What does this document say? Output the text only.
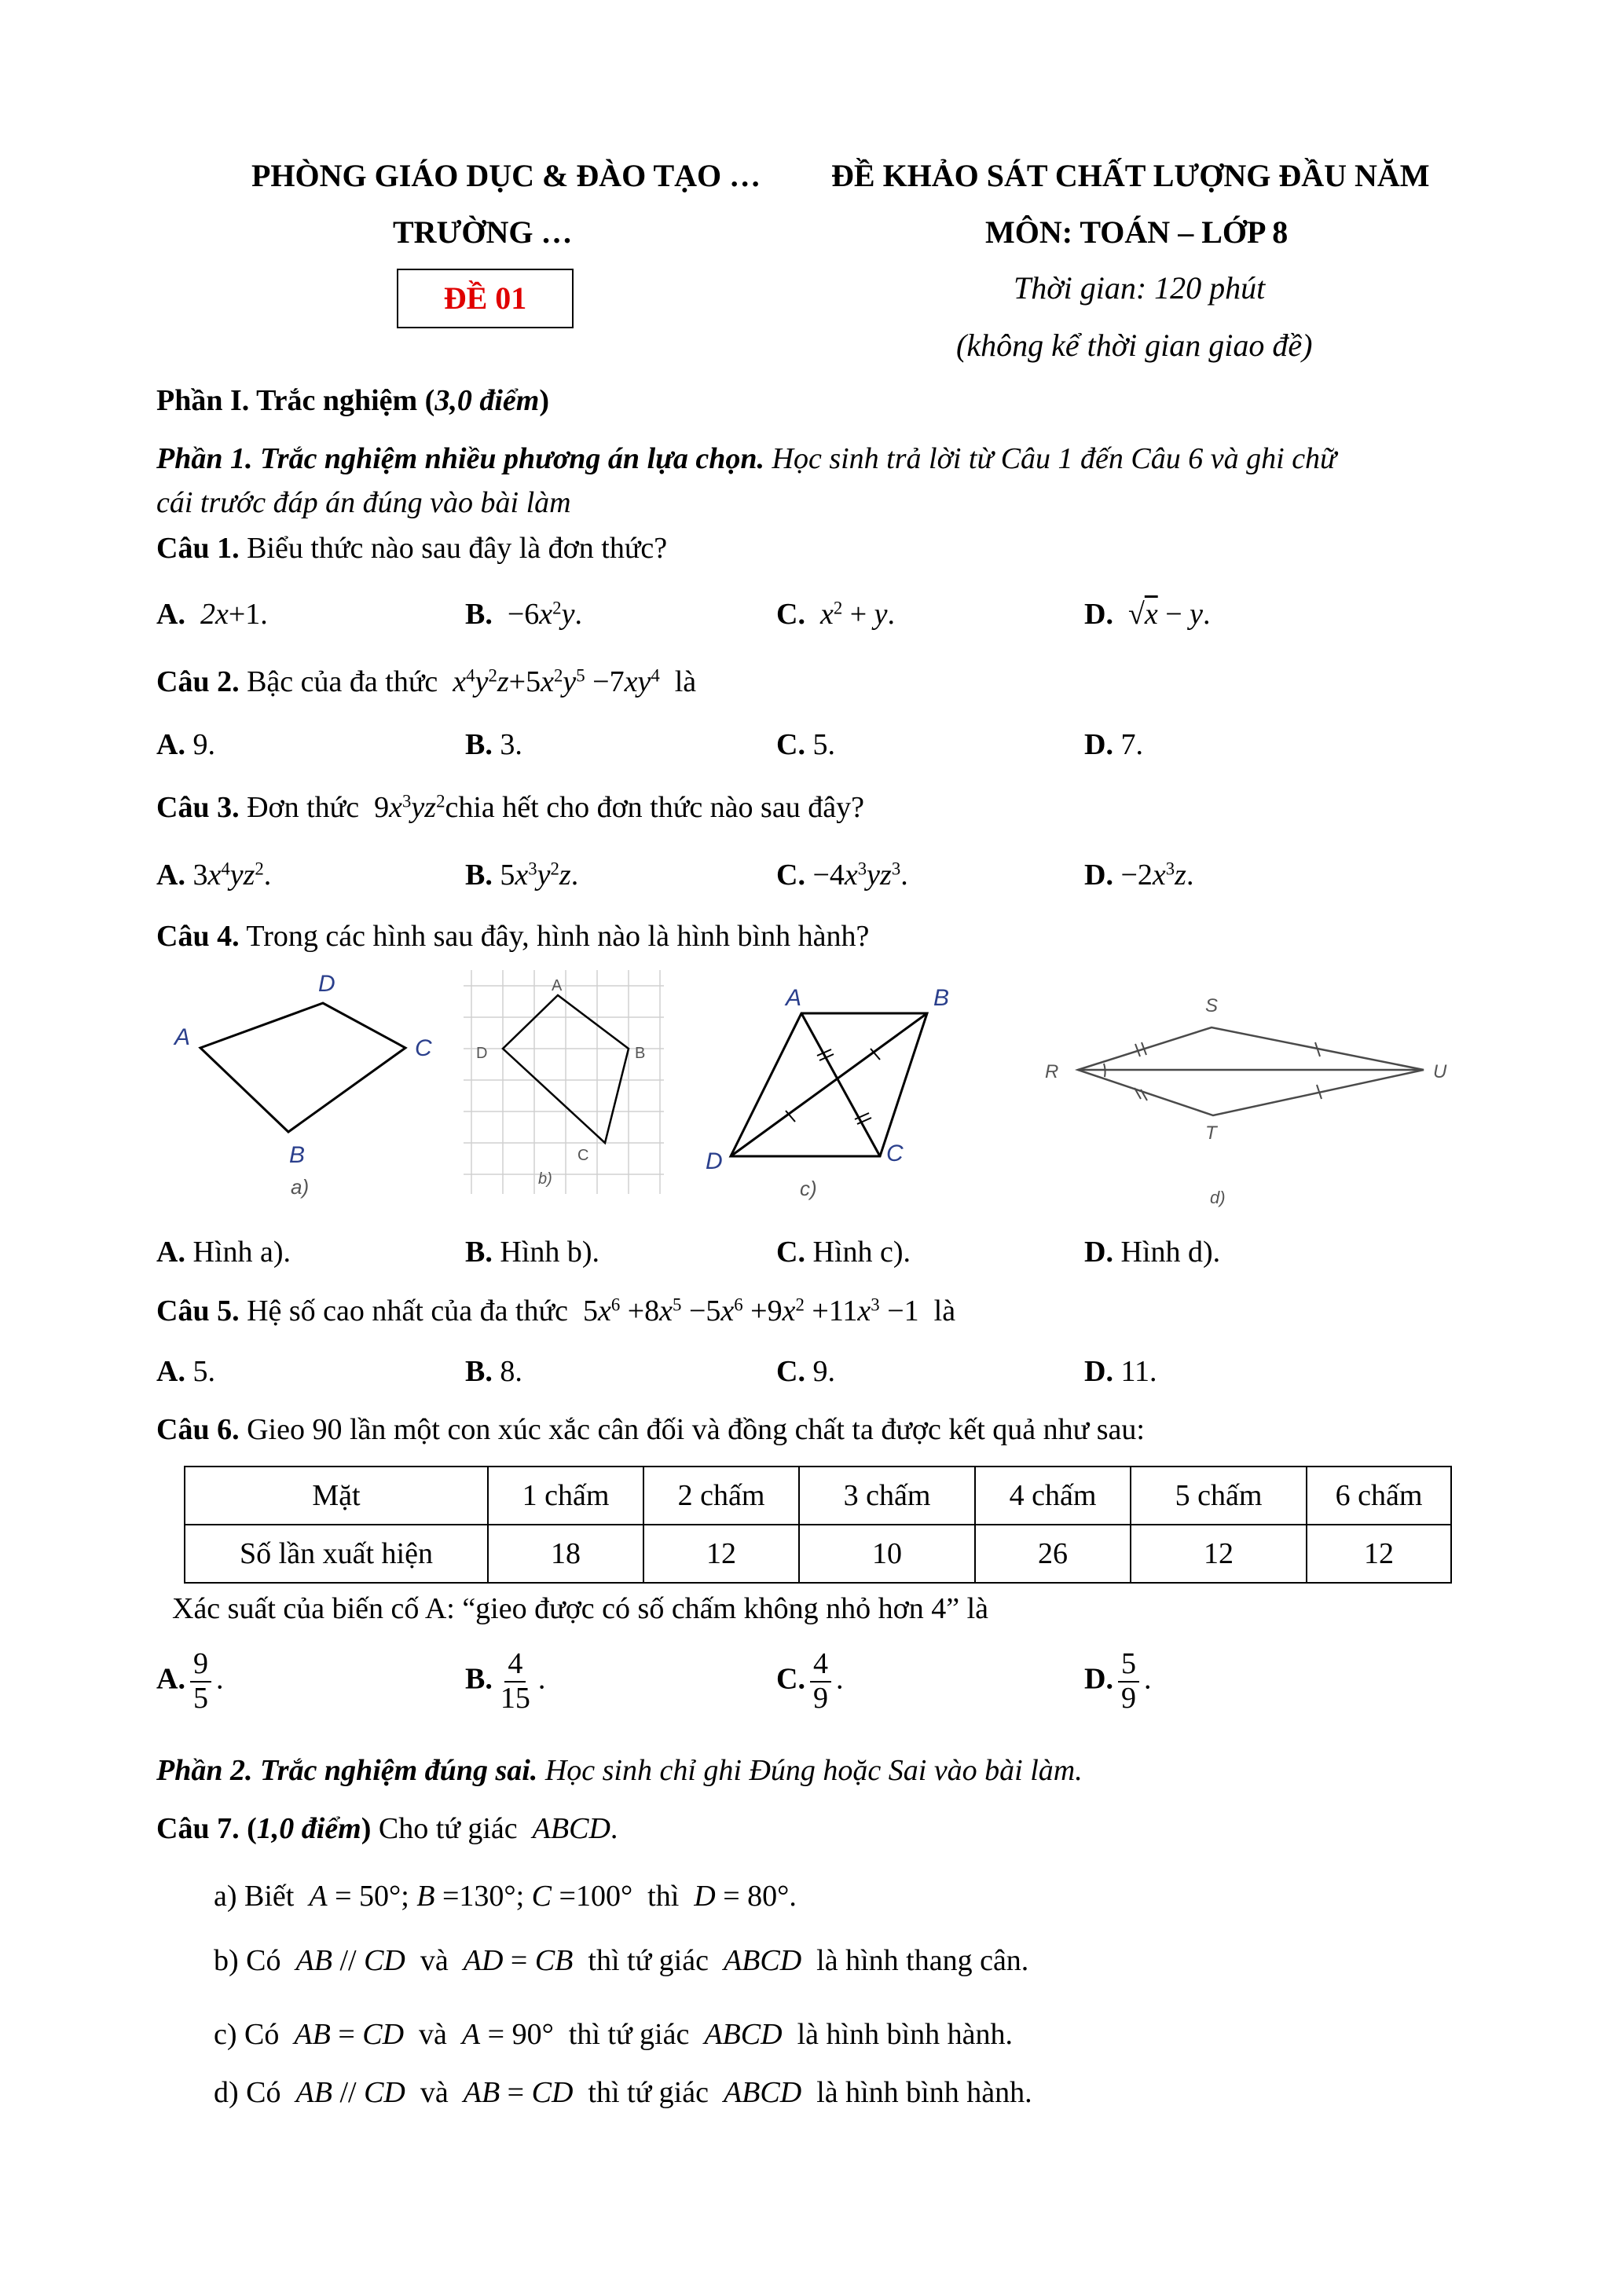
PHÒNG GIÁO DỤC & ĐÀO TẠO …
TRƯỜNG …
ĐỀ 01
ĐỀ KHẢO SÁT CHẤT LƯỢNG ĐẦU NĂM
MÔN: TOÁN – LỚP 8
Thời gian: 120 phút
(không kể thời gian giao đề)
Phần I. Trắc nghiệm (3,0 điểm)
Phần 1. Trắc nghiệm nhiều phương án lựa chọn. Học sinh trả lời từ Câu 1 đến Câu 6 và ghi chữ
cái trước đáp án đúng vào bài làm
Câu 1. Biểu thức nào sau đây là đơn thức?
A.  2x+1.	B.  $-6x^2y$.	C. $x^2 + y$.	D.  √x − y.
Câu 2. Bậc của đa thức $x^4y^2z+5x^2y^5 -7xy^4$ là
A. 9.	B. 3.	C. 5.	D. 7.
Câu 3. Đơn thức  $9x^3yz^2chia$ hết cho đơn thức nào sau đây?
A. $3x^4yz^2$.	B. $5x^3y^2z$.	C. $-4x^3yz^3$.	D. $-2x^3z$.
Câu 4. Trong các hình sau đây, hình nào là hình bình hành?
D
A	C
B
a)
A
D	B
C
b)
A	B
D	C
c)
S
R	U
T
d)
A. Hình a).	B. Hình b).	C. Hình c).	D. Hình d).
Câu 5. Hệ số cao nhất của đa thức  $5x^6 +8x^5 -5x^6 +9x^2 +11x^3 -1$  là
A. 5.	B. 8.	C. 9.	D. 11.
Câu 6. Gieo 90 lần một con xúc xắc cân đối và đồng chất ta được kết quả như sau:
Mặt	1 chấm	2 chấm	3 chấm	4 chấm	5 chấm	6 chấm
Số lần xuất hiện	18	12	10	26	12	12
Xác suất của biến cố A: “gieo được có số chấm không nhỏ hơn 4” là
A. $\frac{9}{5}$ .	B. $\frac{4}{15}$ .	C. $\frac{4}{9}$ .	D. $\frac{5}{9}$ .
Phần 2. Trắc nghiệm đúng sai. Học sinh chỉ ghi Đúng hoặc Sai vào bài làm.
Câu 7. (1,0 điểm) Cho tứ giác ABCD.
a) Biết A = 50°; B =130°; C =100°  thì D = 80°.
b) Có AB // CD và AD = CB thì tứ giác ABCD là hình thang cân.
c) Có AB = CD và A = 90°  thì tứ giác ABCD là hình bình hành.
d) Có AB // CD và AB = CD thì tứ giác ABCD là hình bình hành.
